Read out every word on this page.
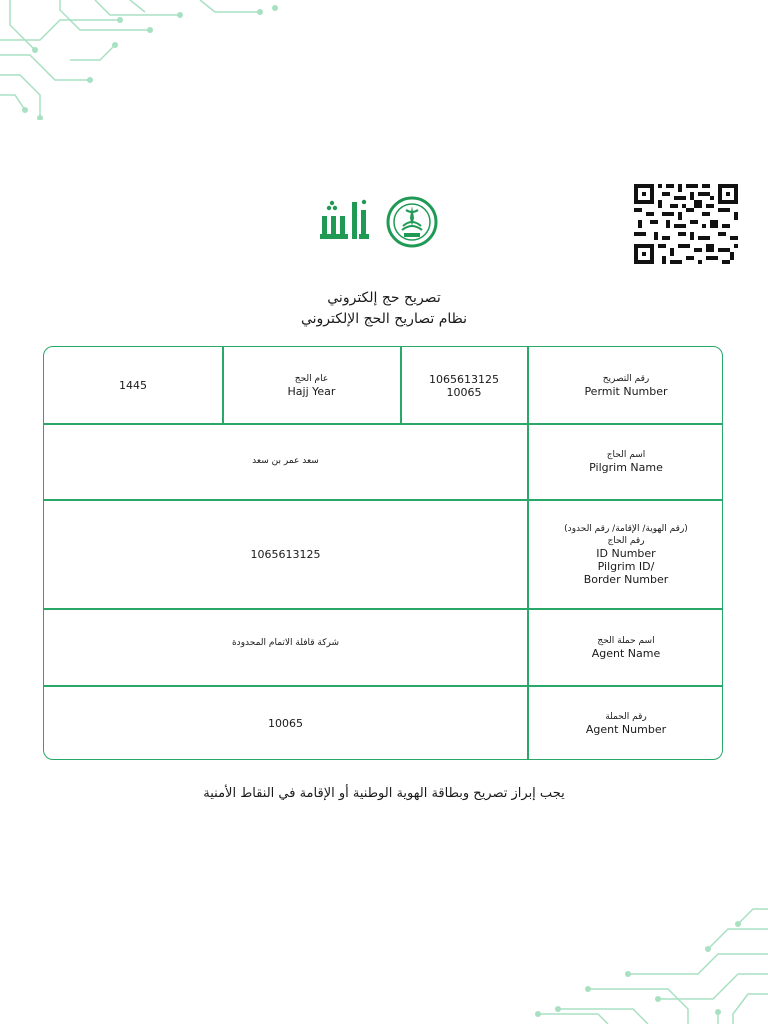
تصريح حج إلكتروني
نظام تصاريح الحج الإلكتروني
رقم التصريح
Permit Number
1065613125
10065
عام الحج
Hajj Year
1445
اسم الحاج
Pilgrim Name
سعد عمر بن سعد
(رقم الهوية/ الإقامة/ رقم الحدود)
رقم الحاج
ID Number
Pilgrim ID/
Border Number
1065613125
اسم حملة الحج
Agent Name
شركة قافلة الاتمام المحدودة
رقم الحملة
Agent Number
10065
يجب إبراز تصريح وبطاقة الهوية الوطنية أو الإقامة في النقاط الأمنية
